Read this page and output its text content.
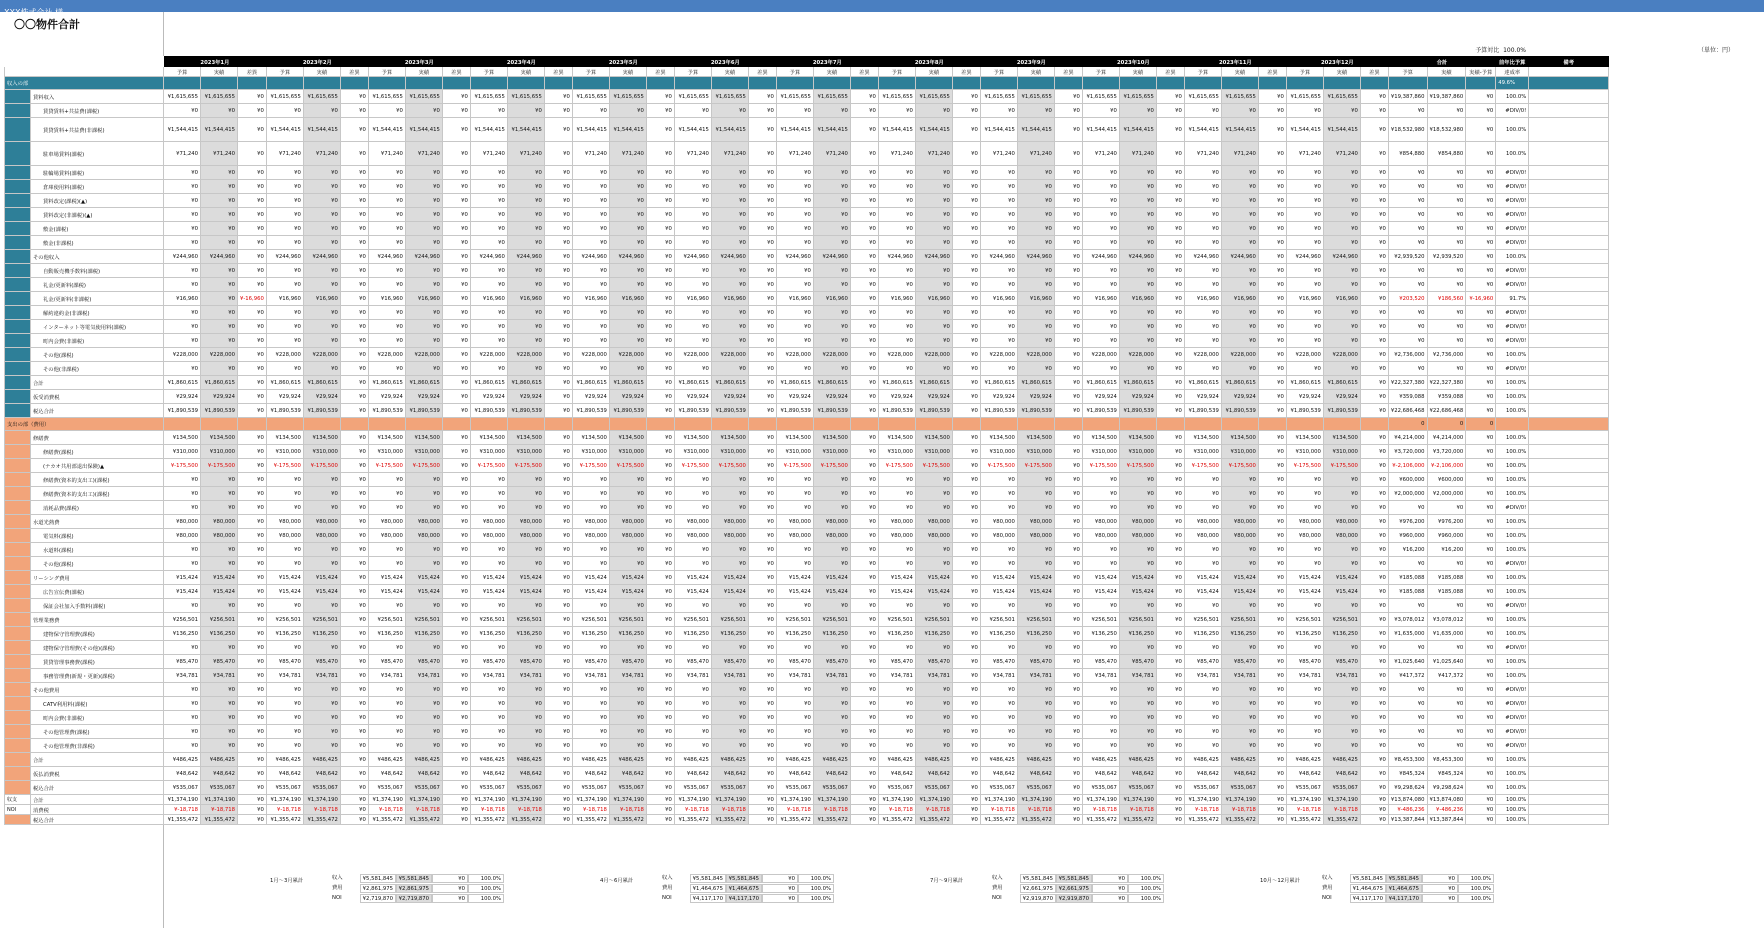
XXX株式会社 様
〇〇物件合計
予算対比 100.0%	（単位：円）
		2023年1月			2023年2月			2023年3月			2023年4月			2023年5月			2023年6月			2023年7月			2023年8月			2023年9月			2023年10月			2023年11月			2023年12月			合計			前年比予算	備考
		予算	実績	差異	予算	実績	差異	予算	実績	差異	予算	実績	差異	予算	実績	差異	予算	実績	差異	予算	実績	差異	予算	実績	差異	予算	実績	差異	予算	実績	差異	予算	実績	差異	予算	実績	差異	予算	実績	実績-予算	達成率	
収入の部																																									49.6%	
	賃料収入	¥1,615,655	¥1,615,655	¥0	¥1,615,655	¥1,615,655	¥0	¥1,615,655	¥1,615,655	¥0	¥1,615,655	¥1,615,655	¥0	¥1,615,655	¥1,615,655	¥0	¥1,615,655	¥1,615,655	¥0	¥1,615,655	¥1,615,655	¥0	¥1,615,655	¥1,615,655	¥0	¥1,615,655	¥1,615,655	¥0	¥1,615,655	¥1,615,655	¥0	¥1,615,655	¥1,615,655	¥0	¥1,615,655	¥1,615,655	¥0	¥19,387,860	¥19,387,860	¥0	100.0%	
	賃貸賃料+共益費(課税)	¥0	¥0	¥0	¥0	¥0	¥0	¥0	¥0	¥0	¥0	¥0	¥0	¥0	¥0	¥0	¥0	¥0	¥0	¥0	¥0	¥0	¥0	¥0	¥0	¥0	¥0	¥0	¥0	¥0	¥0	¥0	¥0	¥0	¥0	¥0	¥0	¥0	¥0	¥0	#DIV/0!	
	賃貸賃料+共益費(非課税)	¥1,544,415	¥1,544,415	¥0	¥1,544,415	¥1,544,415	¥0	¥1,544,415	¥1,544,415	¥0	¥1,544,415	¥1,544,415	¥0	¥1,544,415	¥1,544,415	¥0	¥1,544,415	¥1,544,415	¥0	¥1,544,415	¥1,544,415	¥0	¥1,544,415	¥1,544,415	¥0	¥1,544,415	¥1,544,415	¥0	¥1,544,415	¥1,544,415	¥0	¥1,544,415	¥1,544,415	¥0	¥1,544,415	¥1,544,415	¥0	¥18,532,980	¥18,532,980	¥0	100.0%	
	駐車場賃料(課税)	¥71,240	¥71,240	¥0	¥71,240	¥71,240	¥0	¥71,240	¥71,240	¥0	¥71,240	¥71,240	¥0	¥71,240	¥71,240	¥0	¥71,240	¥71,240	¥0	¥71,240	¥71,240	¥0	¥71,240	¥71,240	¥0	¥71,240	¥71,240	¥0	¥71,240	¥71,240	¥0	¥71,240	¥71,240	¥0	¥71,240	¥71,240	¥0	¥854,880	¥854,880	¥0	100.0%	
	駐輪場賃料(課税)	¥0	¥0	¥0	¥0	¥0	¥0	¥0	¥0	¥0	¥0	¥0	¥0	¥0	¥0	¥0	¥0	¥0	¥0	¥0	¥0	¥0	¥0	¥0	¥0	¥0	¥0	¥0	¥0	¥0	¥0	¥0	¥0	¥0	¥0	¥0	¥0	¥0	¥0	¥0	#DIV/0!	
	倉庫使用料(課税)	¥0	¥0	¥0	¥0	¥0	¥0	¥0	¥0	¥0	¥0	¥0	¥0	¥0	¥0	¥0	¥0	¥0	¥0	¥0	¥0	¥0	¥0	¥0	¥0	¥0	¥0	¥0	¥0	¥0	¥0	¥0	¥0	¥0	¥0	¥0	¥0	¥0	¥0	¥0	#DIV/0!	
	賃料改定(課税)(▲)	¥0	¥0	¥0	¥0	¥0	¥0	¥0	¥0	¥0	¥0	¥0	¥0	¥0	¥0	¥0	¥0	¥0	¥0	¥0	¥0	¥0	¥0	¥0	¥0	¥0	¥0	¥0	¥0	¥0	¥0	¥0	¥0	¥0	¥0	¥0	¥0	¥0	¥0	¥0	#DIV/0!	
	賃料改定(非課税)(▲)	¥0	¥0	¥0	¥0	¥0	¥0	¥0	¥0	¥0	¥0	¥0	¥0	¥0	¥0	¥0	¥0	¥0	¥0	¥0	¥0	¥0	¥0	¥0	¥0	¥0	¥0	¥0	¥0	¥0	¥0	¥0	¥0	¥0	¥0	¥0	¥0	¥0	¥0	¥0	#DIV/0!	
	敷金(課税)	¥0	¥0	¥0	¥0	¥0	¥0	¥0	¥0	¥0	¥0	¥0	¥0	¥0	¥0	¥0	¥0	¥0	¥0	¥0	¥0	¥0	¥0	¥0	¥0	¥0	¥0	¥0	¥0	¥0	¥0	¥0	¥0	¥0	¥0	¥0	¥0	¥0	¥0	¥0	#DIV/0!	
	敷金(非課税)	¥0	¥0	¥0	¥0	¥0	¥0	¥0	¥0	¥0	¥0	¥0	¥0	¥0	¥0	¥0	¥0	¥0	¥0	¥0	¥0	¥0	¥0	¥0	¥0	¥0	¥0	¥0	¥0	¥0	¥0	¥0	¥0	¥0	¥0	¥0	¥0	¥0	¥0	¥0	#DIV/0!	
	その他収入	¥244,960	¥244,960	¥0	¥244,960	¥244,960	¥0	¥244,960	¥244,960	¥0	¥244,960	¥244,960	¥0	¥244,960	¥244,960	¥0	¥244,960	¥244,960	¥0	¥244,960	¥244,960	¥0	¥244,960	¥244,960	¥0	¥244,960	¥244,960	¥0	¥244,960	¥244,960	¥0	¥244,960	¥244,960	¥0	¥244,960	¥244,960	¥0	¥2,939,520	¥2,939,520	¥0	100.0%	
	自動販売機手数料(課税)	¥0	¥0	¥0	¥0	¥0	¥0	¥0	¥0	¥0	¥0	¥0	¥0	¥0	¥0	¥0	¥0	¥0	¥0	¥0	¥0	¥0	¥0	¥0	¥0	¥0	¥0	¥0	¥0	¥0	¥0	¥0	¥0	¥0	¥0	¥0	¥0	¥0	¥0	¥0	#DIV/0!	
	礼金/更新料(課税)	¥0	¥0	¥0	¥0	¥0	¥0	¥0	¥0	¥0	¥0	¥0	¥0	¥0	¥0	¥0	¥0	¥0	¥0	¥0	¥0	¥0	¥0	¥0	¥0	¥0	¥0	¥0	¥0	¥0	¥0	¥0	¥0	¥0	¥0	¥0	¥0	¥0	¥0	¥0	#DIV/0!	
	礼金/更新料(非課税)	¥16,960	¥0	¥-16,960	¥16,960	¥16,960	¥0	¥16,960	¥16,960	¥0	¥16,960	¥16,960	¥0	¥16,960	¥16,960	¥0	¥16,960	¥16,960	¥0	¥16,960	¥16,960	¥0	¥16,960	¥16,960	¥0	¥16,960	¥16,960	¥0	¥16,960	¥16,960	¥0	¥16,960	¥16,960	¥0	¥16,960	¥16,960	¥0	¥203,520	¥186,560	¥-16,960	91.7%	
	解約違約金(非課税)	¥0	¥0	¥0	¥0	¥0	¥0	¥0	¥0	¥0	¥0	¥0	¥0	¥0	¥0	¥0	¥0	¥0	¥0	¥0	¥0	¥0	¥0	¥0	¥0	¥0	¥0	¥0	¥0	¥0	¥0	¥0	¥0	¥0	¥0	¥0	¥0	¥0	¥0	¥0	#DIV/0!	
	インターネット等電気使用料(課税)	¥0	¥0	¥0	¥0	¥0	¥0	¥0	¥0	¥0	¥0	¥0	¥0	¥0	¥0	¥0	¥0	¥0	¥0	¥0	¥0	¥0	¥0	¥0	¥0	¥0	¥0	¥0	¥0	¥0	¥0	¥0	¥0	¥0	¥0	¥0	¥0	¥0	¥0	¥0	#DIV/0!	
	町内会費(非課税)	¥0	¥0	¥0	¥0	¥0	¥0	¥0	¥0	¥0	¥0	¥0	¥0	¥0	¥0	¥0	¥0	¥0	¥0	¥0	¥0	¥0	¥0	¥0	¥0	¥0	¥0	¥0	¥0	¥0	¥0	¥0	¥0	¥0	¥0	¥0	¥0	¥0	¥0	¥0	#DIV/0!	
	その他(課税)	¥228,000	¥228,000	¥0	¥228,000	¥228,000	¥0	¥228,000	¥228,000	¥0	¥228,000	¥228,000	¥0	¥228,000	¥228,000	¥0	¥228,000	¥228,000	¥0	¥228,000	¥228,000	¥0	¥228,000	¥228,000	¥0	¥228,000	¥228,000	¥0	¥228,000	¥228,000	¥0	¥228,000	¥228,000	¥0	¥228,000	¥228,000	¥0	¥2,736,000	¥2,736,000	¥0	100.0%	
	その他(非課税)	¥0	¥0	¥0	¥0	¥0	¥0	¥0	¥0	¥0	¥0	¥0	¥0	¥0	¥0	¥0	¥0	¥0	¥0	¥0	¥0	¥0	¥0	¥0	¥0	¥0	¥0	¥0	¥0	¥0	¥0	¥0	¥0	¥0	¥0	¥0	¥0	¥0	¥0	¥0	#DIV/0!	
	合計	¥1,860,615	¥1,860,615	¥0	¥1,860,615	¥1,860,615	¥0	¥1,860,615	¥1,860,615	¥0	¥1,860,615	¥1,860,615	¥0	¥1,860,615	¥1,860,615	¥0	¥1,860,615	¥1,860,615	¥0	¥1,860,615	¥1,860,615	¥0	¥1,860,615	¥1,860,615	¥0	¥1,860,615	¥1,860,615	¥0	¥1,860,615	¥1,860,615	¥0	¥1,860,615	¥1,860,615	¥0	¥1,860,615	¥1,860,615	¥0	¥22,327,380	¥22,327,380	¥0	100.0%	
	仮受消費税	¥29,924	¥29,924	¥0	¥29,924	¥29,924	¥0	¥29,924	¥29,924	¥0	¥29,924	¥29,924	¥0	¥29,924	¥29,924	¥0	¥29,924	¥29,924	¥0	¥29,924	¥29,924	¥0	¥29,924	¥29,924	¥0	¥29,924	¥29,924	¥0	¥29,924	¥29,924	¥0	¥29,924	¥29,924	¥0	¥29,924	¥29,924	¥0	¥359,088	¥359,088	¥0	100.0%	
	税込合計	¥1,890,539	¥1,890,539	¥0	¥1,890,539	¥1,890,539	¥0	¥1,890,539	¥1,890,539	¥0	¥1,890,539	¥1,890,539	¥0	¥1,890,539	¥1,890,539	¥0	¥1,890,539	¥1,890,539	¥0	¥1,890,539	¥1,890,539	¥0	¥1,890,539	¥1,890,539	¥0	¥1,890,539	¥1,890,539	¥0	¥1,890,539	¥1,890,539	¥0	¥1,890,539	¥1,890,539	¥0	¥1,890,539	¥1,890,539	¥0	¥22,686,468	¥22,686,468	¥0	100.0%	
支出の部（費用）																																						0	0	0		
	修繕費	¥134,500	¥134,500	¥0	¥134,500	¥134,500	¥0	¥134,500	¥134,500	¥0	¥134,500	¥134,500	¥0	¥134,500	¥134,500	¥0	¥134,500	¥134,500	¥0	¥134,500	¥134,500	¥0	¥134,500	¥134,500	¥0	¥134,500	¥134,500	¥0	¥134,500	¥134,500	¥0	¥134,500	¥134,500	¥0	¥134,500	¥134,500	¥0	¥4,214,000	¥4,214,000	¥0	100.0%	
	修繕費(課税)	¥310,000	¥310,000	¥0	¥310,000	¥310,000	¥0	¥310,000	¥310,000	¥0	¥310,000	¥310,000	¥0	¥310,000	¥310,000	¥0	¥310,000	¥310,000	¥0	¥310,000	¥310,000	¥0	¥310,000	¥310,000	¥0	¥310,000	¥310,000	¥0	¥310,000	¥310,000	¥0	¥310,000	¥310,000	¥0	¥310,000	¥310,000	¥0	¥3,720,000	¥3,720,000	¥0	100.0%	
	(ナカオ共用部退出保険)▲	¥-175,500	¥-175,500	¥0	¥-175,500	¥-175,500	¥0	¥-175,500	¥-175,500	¥0	¥-175,500	¥-175,500	¥0	¥-175,500	¥-175,500	¥0	¥-175,500	¥-175,500	¥0	¥-175,500	¥-175,500	¥0	¥-175,500	¥-175,500	¥0	¥-175,500	¥-175,500	¥0	¥-175,500	¥-175,500	¥0	¥-175,500	¥-175,500	¥0	¥-175,500	¥-175,500	¥0	¥-2,106,000	¥-2,106,000	¥0	100.0%	
	修繕費(資本的支出工)(課税)	¥0	¥0	¥0	¥0	¥0	¥0	¥0	¥0	¥0	¥0	¥0	¥0	¥0	¥0	¥0	¥0	¥0	¥0	¥0	¥0	¥0	¥0	¥0	¥0	¥0	¥0	¥0	¥0	¥0	¥0	¥0	¥0	¥0	¥0	¥0	¥0	¥600,000	¥600,000	¥0	100.0%	
	修繕費(資本的支出工)(課税)	¥0	¥0	¥0	¥0	¥0	¥0	¥0	¥0	¥0	¥0	¥0	¥0	¥0	¥0	¥0	¥0	¥0	¥0	¥0	¥0	¥0	¥0	¥0	¥0	¥0	¥0	¥0	¥0	¥0	¥0	¥0	¥0	¥0	¥0	¥0	¥0	¥2,000,000	¥2,000,000	¥0	100.0%	
	消耗品費(課税)	¥0	¥0	¥0	¥0	¥0	¥0	¥0	¥0	¥0	¥0	¥0	¥0	¥0	¥0	¥0	¥0	¥0	¥0	¥0	¥0	¥0	¥0	¥0	¥0	¥0	¥0	¥0	¥0	¥0	¥0	¥0	¥0	¥0	¥0	¥0	¥0	¥0	¥0	¥0	#DIV/0!	
	水道光熱費	¥80,000	¥80,000	¥0	¥80,000	¥80,000	¥0	¥80,000	¥80,000	¥0	¥80,000	¥80,000	¥0	¥80,000	¥80,000	¥0	¥80,000	¥80,000	¥0	¥80,000	¥80,000	¥0	¥80,000	¥80,000	¥0	¥80,000	¥80,000	¥0	¥80,000	¥80,000	¥0	¥80,000	¥80,000	¥0	¥80,000	¥80,000	¥0	¥976,200	¥976,200	¥0	100.0%	
	電気料(課税)	¥80,000	¥80,000	¥0	¥80,000	¥80,000	¥0	¥80,000	¥80,000	¥0	¥80,000	¥80,000	¥0	¥80,000	¥80,000	¥0	¥80,000	¥80,000	¥0	¥80,000	¥80,000	¥0	¥80,000	¥80,000	¥0	¥80,000	¥80,000	¥0	¥80,000	¥80,000	¥0	¥80,000	¥80,000	¥0	¥80,000	¥80,000	¥0	¥960,000	¥960,000	¥0	100.0%	
	水道料(課税)	¥0	¥0	¥0	¥0	¥0	¥0	¥0	¥0	¥0	¥0	¥0	¥0	¥0	¥0	¥0	¥0	¥0	¥0	¥0	¥0	¥0	¥0	¥0	¥0	¥0	¥0	¥0	¥0	¥0	¥0	¥0	¥0	¥0	¥0	¥0	¥0	¥16,200	¥16,200	¥0	100.0%	
	その他(課税)	¥0	¥0	¥0	¥0	¥0	¥0	¥0	¥0	¥0	¥0	¥0	¥0	¥0	¥0	¥0	¥0	¥0	¥0	¥0	¥0	¥0	¥0	¥0	¥0	¥0	¥0	¥0	¥0	¥0	¥0	¥0	¥0	¥0	¥0	¥0	¥0	¥0	¥0	¥0	#DIV/0!	
	リーシング費用	¥15,424	¥15,424	¥0	¥15,424	¥15,424	¥0	¥15,424	¥15,424	¥0	¥15,424	¥15,424	¥0	¥15,424	¥15,424	¥0	¥15,424	¥15,424	¥0	¥15,424	¥15,424	¥0	¥15,424	¥15,424	¥0	¥15,424	¥15,424	¥0	¥15,424	¥15,424	¥0	¥15,424	¥15,424	¥0	¥15,424	¥15,424	¥0	¥185,088	¥185,088	¥0	100.0%	
	広告宣伝費(課税)	¥15,424	¥15,424	¥0	¥15,424	¥15,424	¥0	¥15,424	¥15,424	¥0	¥15,424	¥15,424	¥0	¥15,424	¥15,424	¥0	¥15,424	¥15,424	¥0	¥15,424	¥15,424	¥0	¥15,424	¥15,424	¥0	¥15,424	¥15,424	¥0	¥15,424	¥15,424	¥0	¥15,424	¥15,424	¥0	¥15,424	¥15,424	¥0	¥185,088	¥185,088	¥0	100.0%	
	保証会社加入手数料(課税)	¥0	¥0	¥0	¥0	¥0	¥0	¥0	¥0	¥0	¥0	¥0	¥0	¥0	¥0	¥0	¥0	¥0	¥0	¥0	¥0	¥0	¥0	¥0	¥0	¥0	¥0	¥0	¥0	¥0	¥0	¥0	¥0	¥0	¥0	¥0	¥0	¥0	¥0	¥0	#DIV/0!	
	管理業務費	¥256,501	¥256,501	¥0	¥256,501	¥256,501	¥0	¥256,501	¥256,501	¥0	¥256,501	¥256,501	¥0	¥256,501	¥256,501	¥0	¥256,501	¥256,501	¥0	¥256,501	¥256,501	¥0	¥256,501	¥256,501	¥0	¥256,501	¥256,501	¥0	¥256,501	¥256,501	¥0	¥256,501	¥256,501	¥0	¥256,501	¥256,501	¥0	¥3,078,012	¥3,078,012	¥0	100.0%	
	建物保守管理費(課税)	¥136,250	¥136,250	¥0	¥136,250	¥136,250	¥0	¥136,250	¥136,250	¥0	¥136,250	¥136,250	¥0	¥136,250	¥136,250	¥0	¥136,250	¥136,250	¥0	¥136,250	¥136,250	¥0	¥136,250	¥136,250	¥0	¥136,250	¥136,250	¥0	¥136,250	¥136,250	¥0	¥136,250	¥136,250	¥0	¥136,250	¥136,250	¥0	¥1,635,000	¥1,635,000	¥0	100.0%	
	建物保守管理費(その他)(課税)	¥0	¥0	¥0	¥0	¥0	¥0	¥0	¥0	¥0	¥0	¥0	¥0	¥0	¥0	¥0	¥0	¥0	¥0	¥0	¥0	¥0	¥0	¥0	¥0	¥0	¥0	¥0	¥0	¥0	¥0	¥0	¥0	¥0	¥0	¥0	¥0	¥0	¥0	¥0	#DIV/0!	
	賃貸管理事務費(課税)	¥85,470	¥85,470	¥0	¥85,470	¥85,470	¥0	¥85,470	¥85,470	¥0	¥85,470	¥85,470	¥0	¥85,470	¥85,470	¥0	¥85,470	¥85,470	¥0	¥85,470	¥85,470	¥0	¥85,470	¥85,470	¥0	¥85,470	¥85,470	¥0	¥85,470	¥85,470	¥0	¥85,470	¥85,470	¥0	¥85,470	¥85,470	¥0	¥1,025,640	¥1,025,640	¥0	100.0%	
	事務管理費(新規・更新)(課税)	¥34,781	¥34,781	¥0	¥34,781	¥34,781	¥0	¥34,781	¥34,781	¥0	¥34,781	¥34,781	¥0	¥34,781	¥34,781	¥0	¥34,781	¥34,781	¥0	¥34,781	¥34,781	¥0	¥34,781	¥34,781	¥0	¥34,781	¥34,781	¥0	¥34,781	¥34,781	¥0	¥34,781	¥34,781	¥0	¥34,781	¥34,781	¥0	¥417,372	¥417,372	¥0	100.0%	
	その他費用	¥0	¥0	¥0	¥0	¥0	¥0	¥0	¥0	¥0	¥0	¥0	¥0	¥0	¥0	¥0	¥0	¥0	¥0	¥0	¥0	¥0	¥0	¥0	¥0	¥0	¥0	¥0	¥0	¥0	¥0	¥0	¥0	¥0	¥0	¥0	¥0	¥0	¥0	¥0	#DIV/0!	
	CATV利用料(課税)	¥0	¥0	¥0	¥0	¥0	¥0	¥0	¥0	¥0	¥0	¥0	¥0	¥0	¥0	¥0	¥0	¥0	¥0	¥0	¥0	¥0	¥0	¥0	¥0	¥0	¥0	¥0	¥0	¥0	¥0	¥0	¥0	¥0	¥0	¥0	¥0	¥0	¥0	¥0	#DIV/0!	
	町内会費(非課税)	¥0	¥0	¥0	¥0	¥0	¥0	¥0	¥0	¥0	¥0	¥0	¥0	¥0	¥0	¥0	¥0	¥0	¥0	¥0	¥0	¥0	¥0	¥0	¥0	¥0	¥0	¥0	¥0	¥0	¥0	¥0	¥0	¥0	¥0	¥0	¥0	¥0	¥0	¥0	#DIV/0!	
	その他管理費(課税)	¥0	¥0	¥0	¥0	¥0	¥0	¥0	¥0	¥0	¥0	¥0	¥0	¥0	¥0	¥0	¥0	¥0	¥0	¥0	¥0	¥0	¥0	¥0	¥0	¥0	¥0	¥0	¥0	¥0	¥0	¥0	¥0	¥0	¥0	¥0	¥0	¥0	¥0	¥0	#DIV/0!	
	その他管理費(非課税)	¥0	¥0	¥0	¥0	¥0	¥0	¥0	¥0	¥0	¥0	¥0	¥0	¥0	¥0	¥0	¥0	¥0	¥0	¥0	¥0	¥0	¥0	¥0	¥0	¥0	¥0	¥0	¥0	¥0	¥0	¥0	¥0	¥0	¥0	¥0	¥0	¥0	¥0	¥0	#DIV/0!	
	合計	¥486,425	¥486,425	¥0	¥486,425	¥486,425	¥0	¥486,425	¥486,425	¥0	¥486,425	¥486,425	¥0	¥486,425	¥486,425	¥0	¥486,425	¥486,425	¥0	¥486,425	¥486,425	¥0	¥486,425	¥486,425	¥0	¥486,425	¥486,425	¥0	¥486,425	¥486,425	¥0	¥486,425	¥486,425	¥0	¥486,425	¥486,425	¥0	¥8,453,300	¥8,453,300	¥0	100.0%	
	仮払消費税	¥48,642	¥48,642	¥0	¥48,642	¥48,642	¥0	¥48,642	¥48,642	¥0	¥48,642	¥48,642	¥0	¥48,642	¥48,642	¥0	¥48,642	¥48,642	¥0	¥48,642	¥48,642	¥0	¥48,642	¥48,642	¥0	¥48,642	¥48,642	¥0	¥48,642	¥48,642	¥0	¥48,642	¥48,642	¥0	¥48,642	¥48,642	¥0	¥845,324	¥845,324	¥0	100.0%	
	税込合計	¥535,067	¥535,067	¥0	¥535,067	¥535,067	¥0	¥535,067	¥535,067	¥0	¥535,067	¥535,067	¥0	¥535,067	¥535,067	¥0	¥535,067	¥535,067	¥0	¥535,067	¥535,067	¥0	¥535,067	¥535,067	¥0	¥535,067	¥535,067	¥0	¥535,067	¥535,067	¥0	¥535,067	¥535,067	¥0	¥535,067	¥535,067	¥0	¥9,298,624	¥9,298,624	¥0	100.0%	
収支	合計	¥1,374,190	¥1,374,190	¥0	¥1,374,190	¥1,374,190	¥0	¥1,374,190	¥1,374,190	¥0	¥1,374,190	¥1,374,190	¥0	¥1,374,190	¥1,374,190	¥0	¥1,374,190	¥1,374,190	¥0	¥1,374,190	¥1,374,190	¥0	¥1,374,190	¥1,374,190	¥0	¥1,374,190	¥1,374,190	¥0	¥1,374,190	¥1,374,190	¥0	¥1,374,190	¥1,374,190	¥0	¥1,374,190	¥1,374,190	¥0	¥13,874,080	¥13,874,080	¥0	100.0%	
NOI	消費税	¥-18,718	¥-18,718	¥0	¥-18,718	¥-18,718	¥0	¥-18,718	¥-18,718	¥0	¥-18,718	¥-18,718	¥0	¥-18,718	¥-18,718	¥0	¥-18,718	¥-18,718	¥0	¥-18,718	¥-18,718	¥0	¥-18,718	¥-18,718	¥0	¥-18,718	¥-18,718	¥0	¥-18,718	¥-18,718	¥0	¥-18,718	¥-18,718	¥0	¥-18,718	¥-18,718	¥0	¥-486,236	¥-486,236	¥0	100.0%	
	税込合計	¥1,355,472	¥1,355,472	¥0	¥1,355,472	¥1,355,472	¥0	¥1,355,472	¥1,355,472	¥0	¥1,355,472	¥1,355,472	¥0	¥1,355,472	¥1,355,472	¥0	¥1,355,472	¥1,355,472	¥0	¥1,355,472	¥1,355,472	¥0	¥1,355,472	¥1,355,472	¥0	¥1,355,472	¥1,355,472	¥0	¥1,355,472	¥1,355,472	¥0	¥1,355,472	¥1,355,472	¥0	¥1,355,472	¥1,355,472	¥0	¥13,387,844	¥13,387,844	¥0	100.0%	
1月〜3月累計	収入	¥5,581,845	¥5,581,845	¥0	100.0%
費用	¥2,861,975	¥2,861,975	¥0	100.0%
NOI	¥2,719,870	¥2,719,870	¥0	100.0%
4月〜6月累計	収入	¥5,581,845	¥5,581,845	¥0	100.0%
費用	¥1,464,675	¥1,464,675	¥0	100.0%
NOI	¥4,117,170	¥4,117,170	¥0	100.0%
7月〜9月累計	収入	¥5,581,845	¥5,581,845	¥0	100.0%
費用	¥2,661,975	¥2,661,975	¥0	100.0%
NOI	¥2,919,870	¥2,919,870	¥0	100.0%
10月〜12月累計	収入	¥5,581,845	¥5,581,845	¥0	100.0%
費用	¥1,464,675	¥1,464,675	¥0	100.0%
NOI	¥4,117,170	¥4,117,170	¥0	100.0%
